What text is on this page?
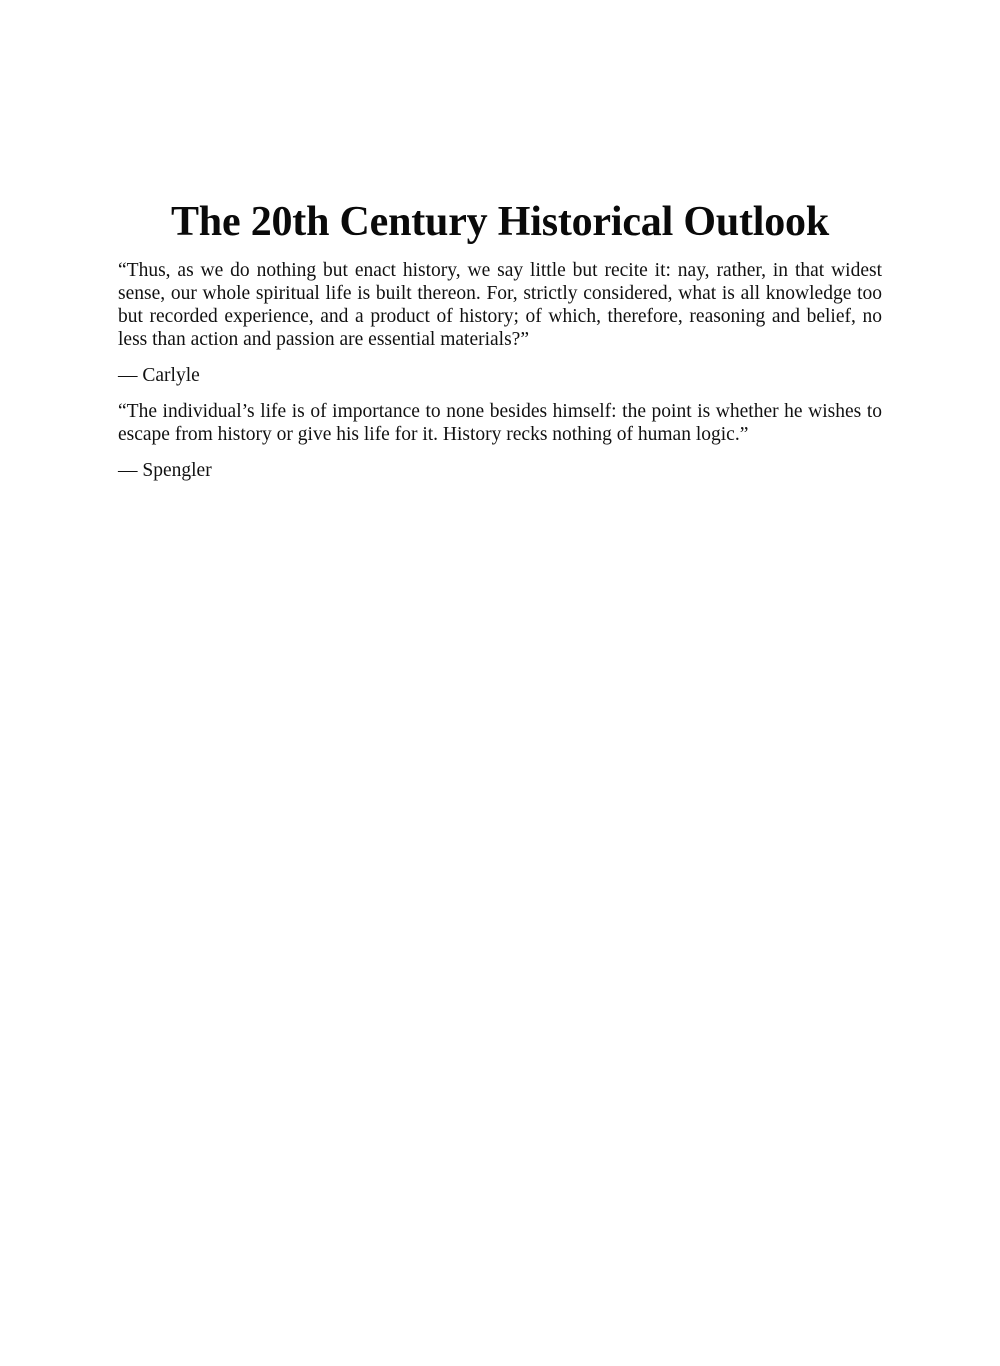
The 20th Century Historical Outlook

“Thus, as we do nothing but enact history, we say little but recite it: nay, rather, in that widest sense, our whole spiritual life is built thereon. For, strictly considered, what is all knowledge too but recorded experience, and a product of history; of which, therefore, reasoning and belief, no less than action and passion are essential materials?”

— Carlyle

“The individual’s life is of importance to none besides himself: the point is whether he wishes to escape from history or give his life for it. History recks nothing of human logic.”

— Spengler
